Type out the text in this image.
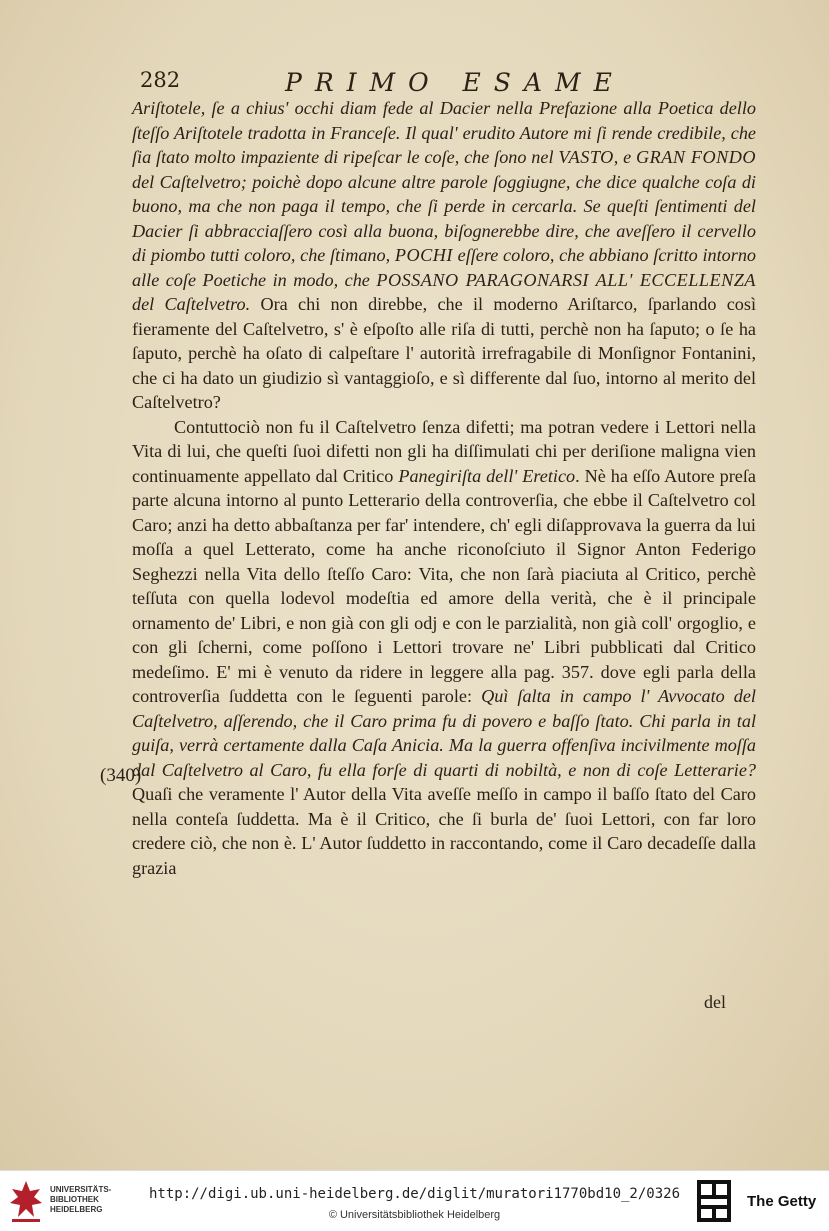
282	PRIMO ESAME

Ariſtotele, ſe a chius' occhi diam fede al Dacier nella Prefazione alla Poetica dello ſteſſo Ariſtotele tradotta in Franceſe. Il qual' erudito Autore mi ſi rende credibile, che ſia ſtato molto impaziente di ripeſcar le coſe, che ſono nel VASTO, e GRAN FONDO del Caſtelvetro; poichè dopo alcune altre parole ſoggiugne, che dice qualche coſa di buono, ma che non paga il tempo, che ſi perde in cercarla. Se queſti ſentimenti del Dacier ſi abbracciaſſero così alla buona, biſognerebbe dire, che aveſſero il cervello di piombo tutti coloro, che ſtimano, POCHI eſſere coloro, che abbiano ſcritto intorno alle coſe Poetiche in modo, che POSSANO PARAGONARSI ALL' ECCELLENZA del Caſtelvetro. Ora chi non direbbe, che il moderno Ariſtarco, ſparlando così fieramente del Caſtelvetro, s' è eſpoſto alle riſa di tutti, perchè non ha ſaputo; o ſe ha ſaputo, perchè ha oſato di calpeſtare l' autorità irrefragabile di Monſignor Fontanini, che ci ha dato un giudizio sì vantaggioſo, e sì differente dal ſuo, intorno al merito del Caſtelvetro?

Contuttociò non fu il Caſtelvetro ſenza difetti; ma potran vedere i Lettori nella Vita di lui, che queſti ſuoi difetti non gli ha diſſimulati chi per deriſione maligna vien continuamente appellato dal Critico Panegiriſta dell' Eretico. Nè ha eſſo Autore preſa parte alcuna intorno al punto Letterario della controverſia, che ebbe il Caſtelvetro col Caro; anzi ha detto abbaſtanza per far' intendere, ch' egli diſapprovava la guerra da lui moſſa a quel Letterato, come ha anche riconoſciuto il Signor Anton Federigo Seghezzi nella Vita dello ſteſſo Caro: Vita, che non ſarà piaciuta al Critico, perchè teſſuta con quella lodevol modeſtia ed amore della verità, che è il principale ornamento de' Libri, e non già con gli odj e con le parzialità, non già coll' orgoglio, e con gli ſcherni, come poſſono i Lettori trovare ne' Libri pubblicati dal Critico medeſimo. E' mi è venuto da ridere in leggere alla pag. 357. dove egli parla della controverſia ſuddetta con le ſeguenti parole: Quì ſalta in campo l' Avvocato del Caſtelvetro, aſſerendo, che il Caro prima fu di povero e baſſo ſtato. Chi parla in tal guiſa, verrà certamente dalla Caſa Anicia. Ma la guerra offenſiva incivilmente moſſa dal Caſtelvetro al Caro, fu ella forſe di quarti di nobiltà, e non di coſe Letterarie? Quaſi che veramente l' Autor della Vita aveſſe meſſo in campo il baſſo ſtato del Caro nella conteſa ſuddetta. Ma è il Critico, che ſi burla de' ſuoi Lettori, con far loro credere ciò, che non è. L' Autor ſuddetto in raccontando, come il Caro decadeſſe dalla grazia

(340)
del
UNIVERSITÄTS-
BIBLIOTHEK
HEIDELBERG
http://digi.ub.uni-heidelberg.de/diglit/muratori1770bd10_2/0326
© Universitätsbibliothek Heidelberg
The Getty
